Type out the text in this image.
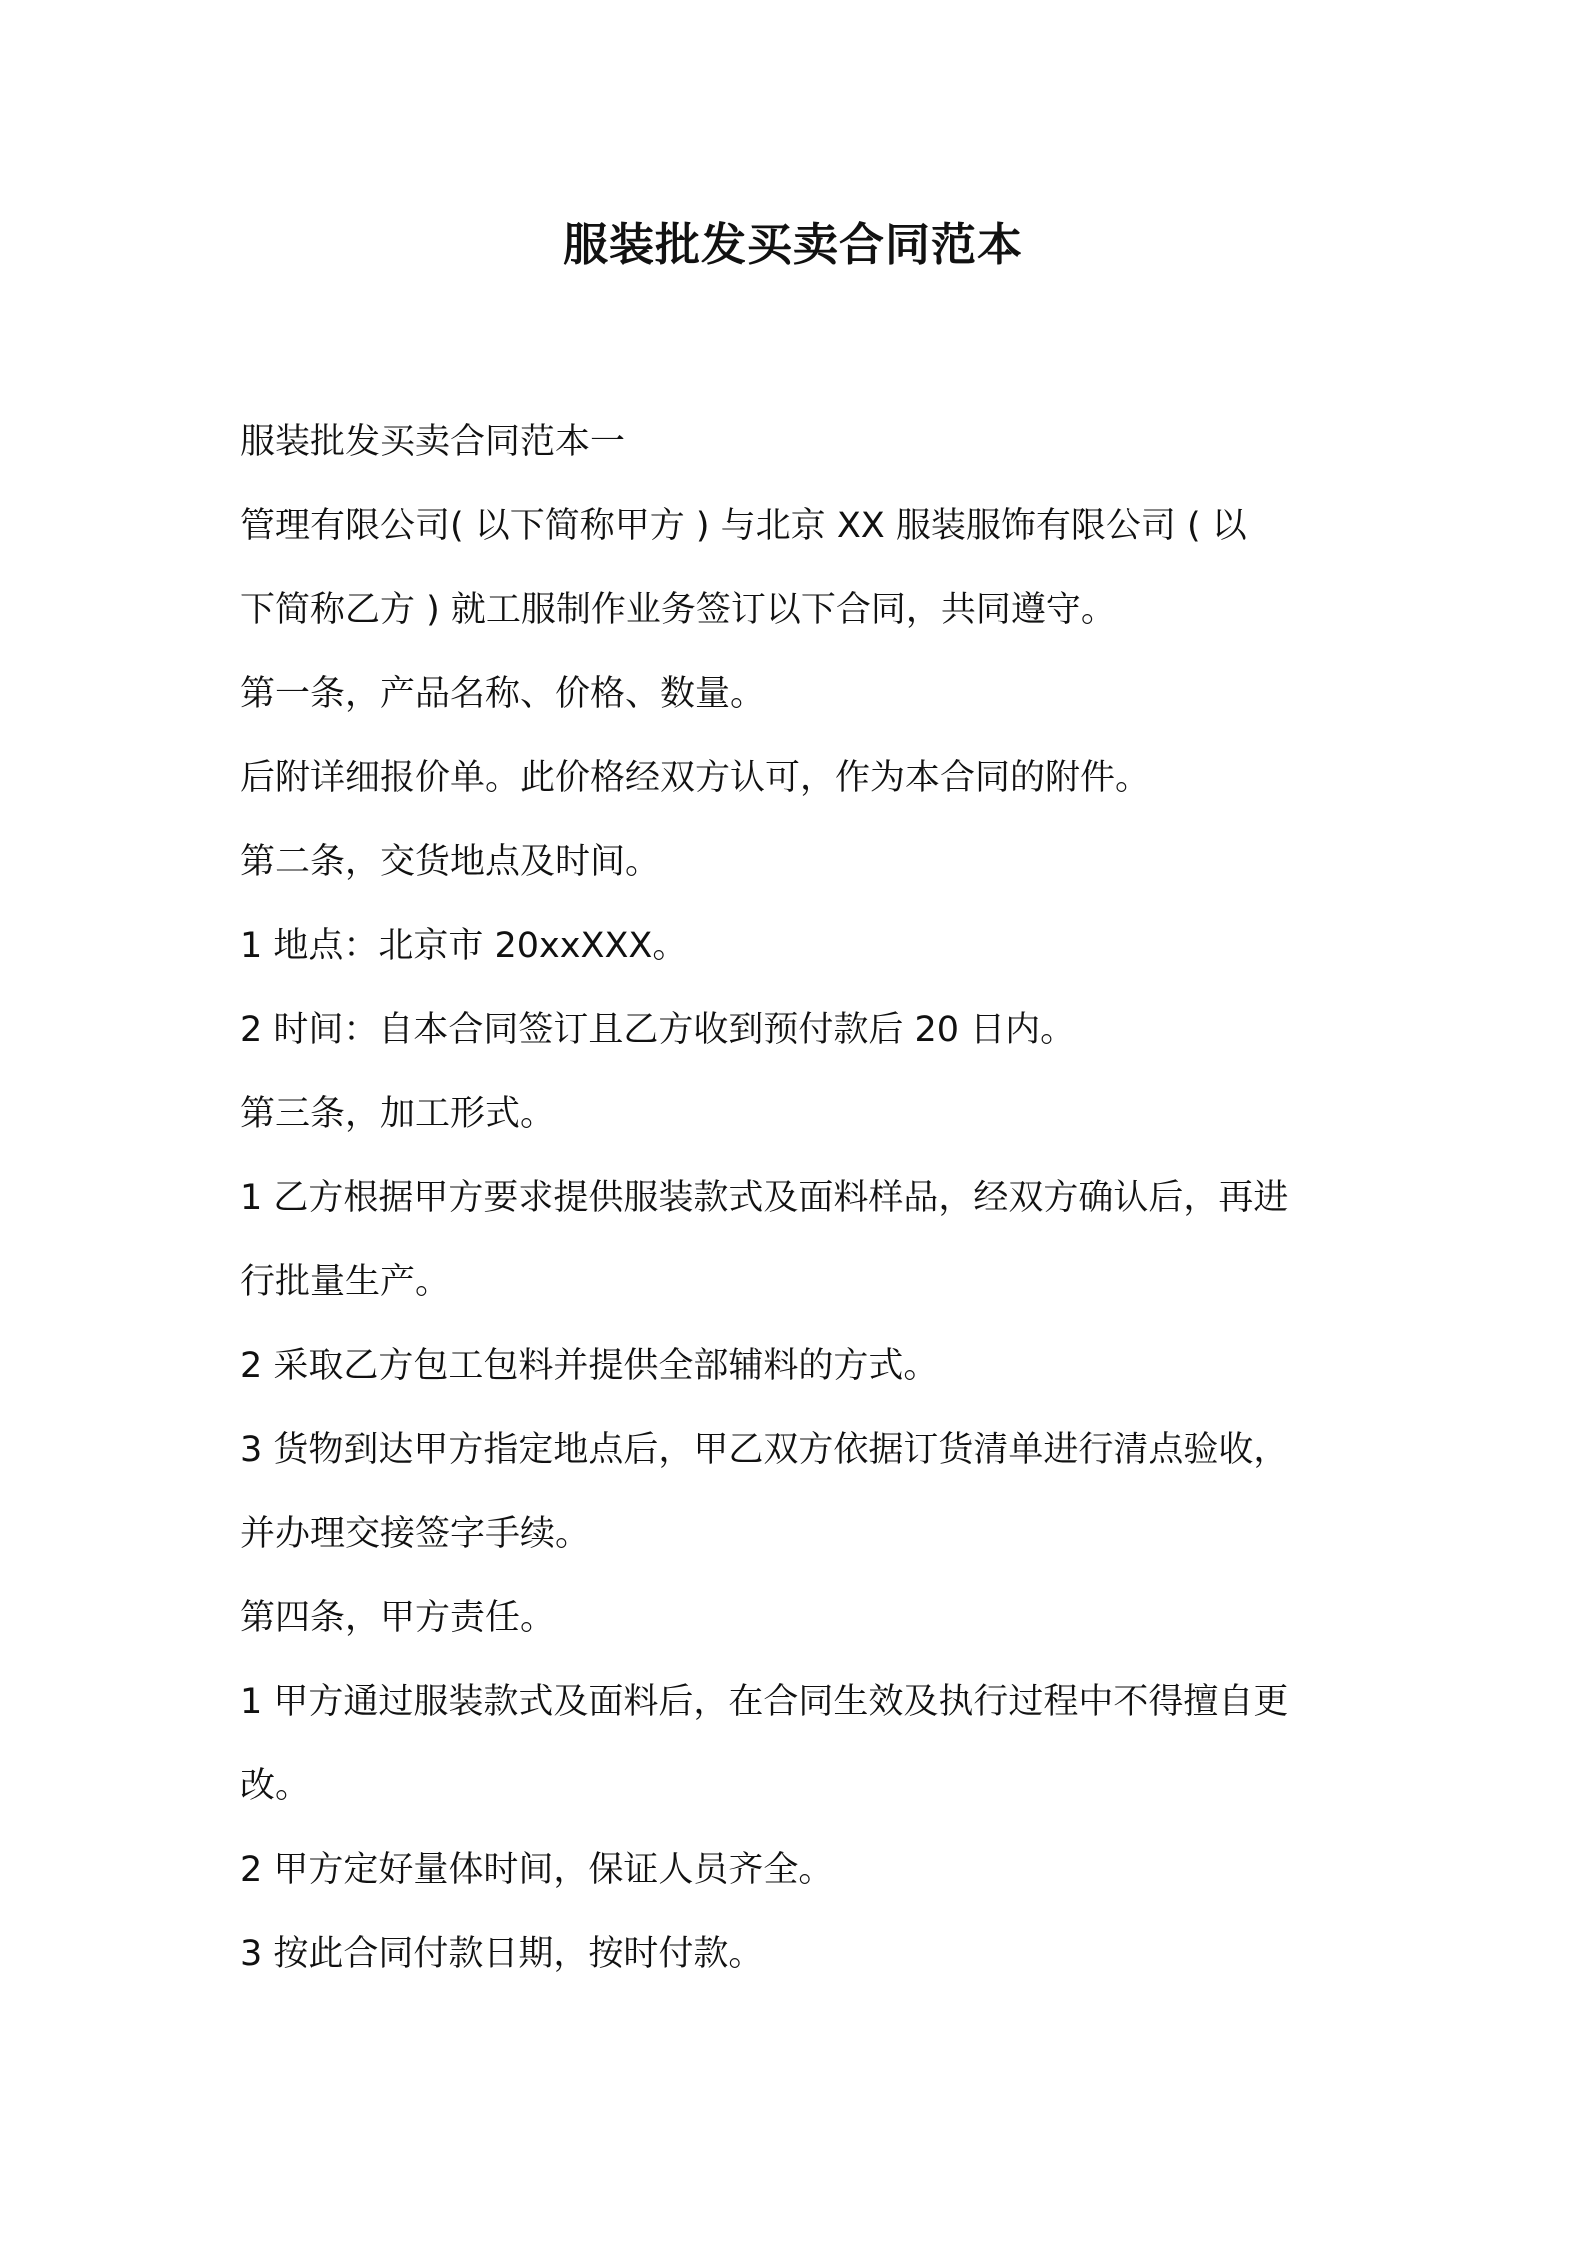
服装批发买卖合同范本

服装批发买卖合同范本一

管理有限公司( 以下简称甲方 ) 与北京 XX 服装服饰有限公司 ( 以

下简称乙方 ) 就工服制作业务签订以下合同，共同遵守。

第一条，产品名称、价格、数量。

后附详细报价单。此价格经双方认可，作为本合同的附件。

第二条，交货地点及时间。

1 地点：北京市 20xxXXX。

2 时间：自本合同签订且乙方收到预付款后 20 日内。

第三条，加工形式。

1 乙方根据甲方要求提供服装款式及面料样品，经双方确认后，再进

行批量生产。

2 采取乙方包工包料并提供全部辅料的方式。

3 货物到达甲方指定地点后，甲乙双方依据订货清单进行清点验收，

并办理交接签字手续。

第四条，甲方责任。

1 甲方通过服装款式及面料后，在合同生效及执行过程中不得擅自更

改。

2 甲方定好量体时间，保证人员齐全。

3 按此合同付款日期，按时付款。
